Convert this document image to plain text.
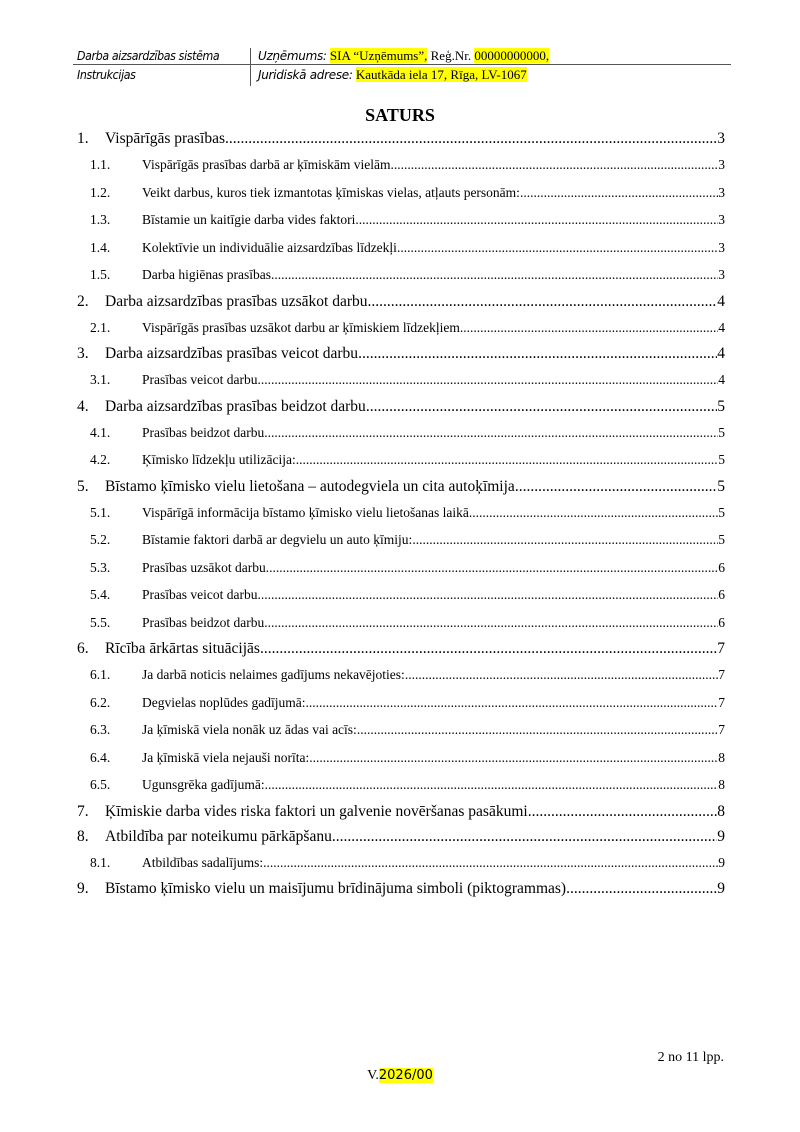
Darba aizsardzības sistēma
Instrukcijas
Uzņēmums: SIA “Uzņēmums”, Reģ.Nr. 00000000000,
Juridiskā adrese: Kautkāda iela 17, Rīga, LV-1067
SATURS
1.	Vispārīgās prasības .....	3
1.1.	Vispārīgās prasības darbā ar ķīmiskām vielām .....	3
1.2.	Veikt darbus, kuros tiek izmantotas ķīmiskas vielas, atļauts personām: .....	3
1.3.	Bīstamie un kaitīgie darba vides faktori .....	3
1.4.	Kolektīvie un individuālie aizsardzības līdzekļi .....	3
1.5.	Darba higiēnas prasības .....	3
2.	Darba aizsardzības prasības uzsākot darbu .....	4
2.1.	Vispārīgās prasības uzsākot darbu ar ķīmiskiem līdzekļiem .....	4
3.	Darba aizsardzības prasības veicot darbu .....	4
3.1.	Prasības veicot darbu .....	4
4.	Darba aizsardzības prasības beidzot darbu .....	5
4.1.	Prasības beidzot darbu .....	5
4.2.	Ķīmisko līdzekļu utilizācija: .....	5
5.	Bīstamo ķīmisko vielu lietošana – autodegviela un cita autoķīmija .....	5
5.1.	Vispārīgā informācija bīstamo ķīmisko vielu lietošanas laikā .....	5
5.2.	Bīstamie faktori darbā ar degvielu un auto ķīmiju: .....	5
5.3.	Prasības uzsākot darbu .....	6
5.4.	Prasības veicot darbu .....	6
5.5.	Prasības beidzot darbu .....	6
6.	Rīcība ārkārtas situācijās .....	7
6.1.	Ja darbā noticis nelaimes gadījums nekavējoties: .....	7
6.2.	Degvielas noplūdes gadījumā: .....	7
6.3.	Ja ķīmiskā viela nonāk uz ādas vai acīs: .....	7
6.4.	Ja ķīmiskā viela nejauši norīta: .....	8
6.5.	Ugunsgrēka gadījumā: .....	8
7.	Ķīmiskie darba vides riska faktori un galvenie novēršanas pasākumi .....	8
8.	Atbildība par noteikumu pārkāpšanu .....	9
8.1.	Atbildības sadalījums: .....	9
9.	Bīstamo ķīmisko vielu un maisījumu brīdinājuma simboli (piktogrammas) .....	9
2 no 11 lpp.
V.2026/00
